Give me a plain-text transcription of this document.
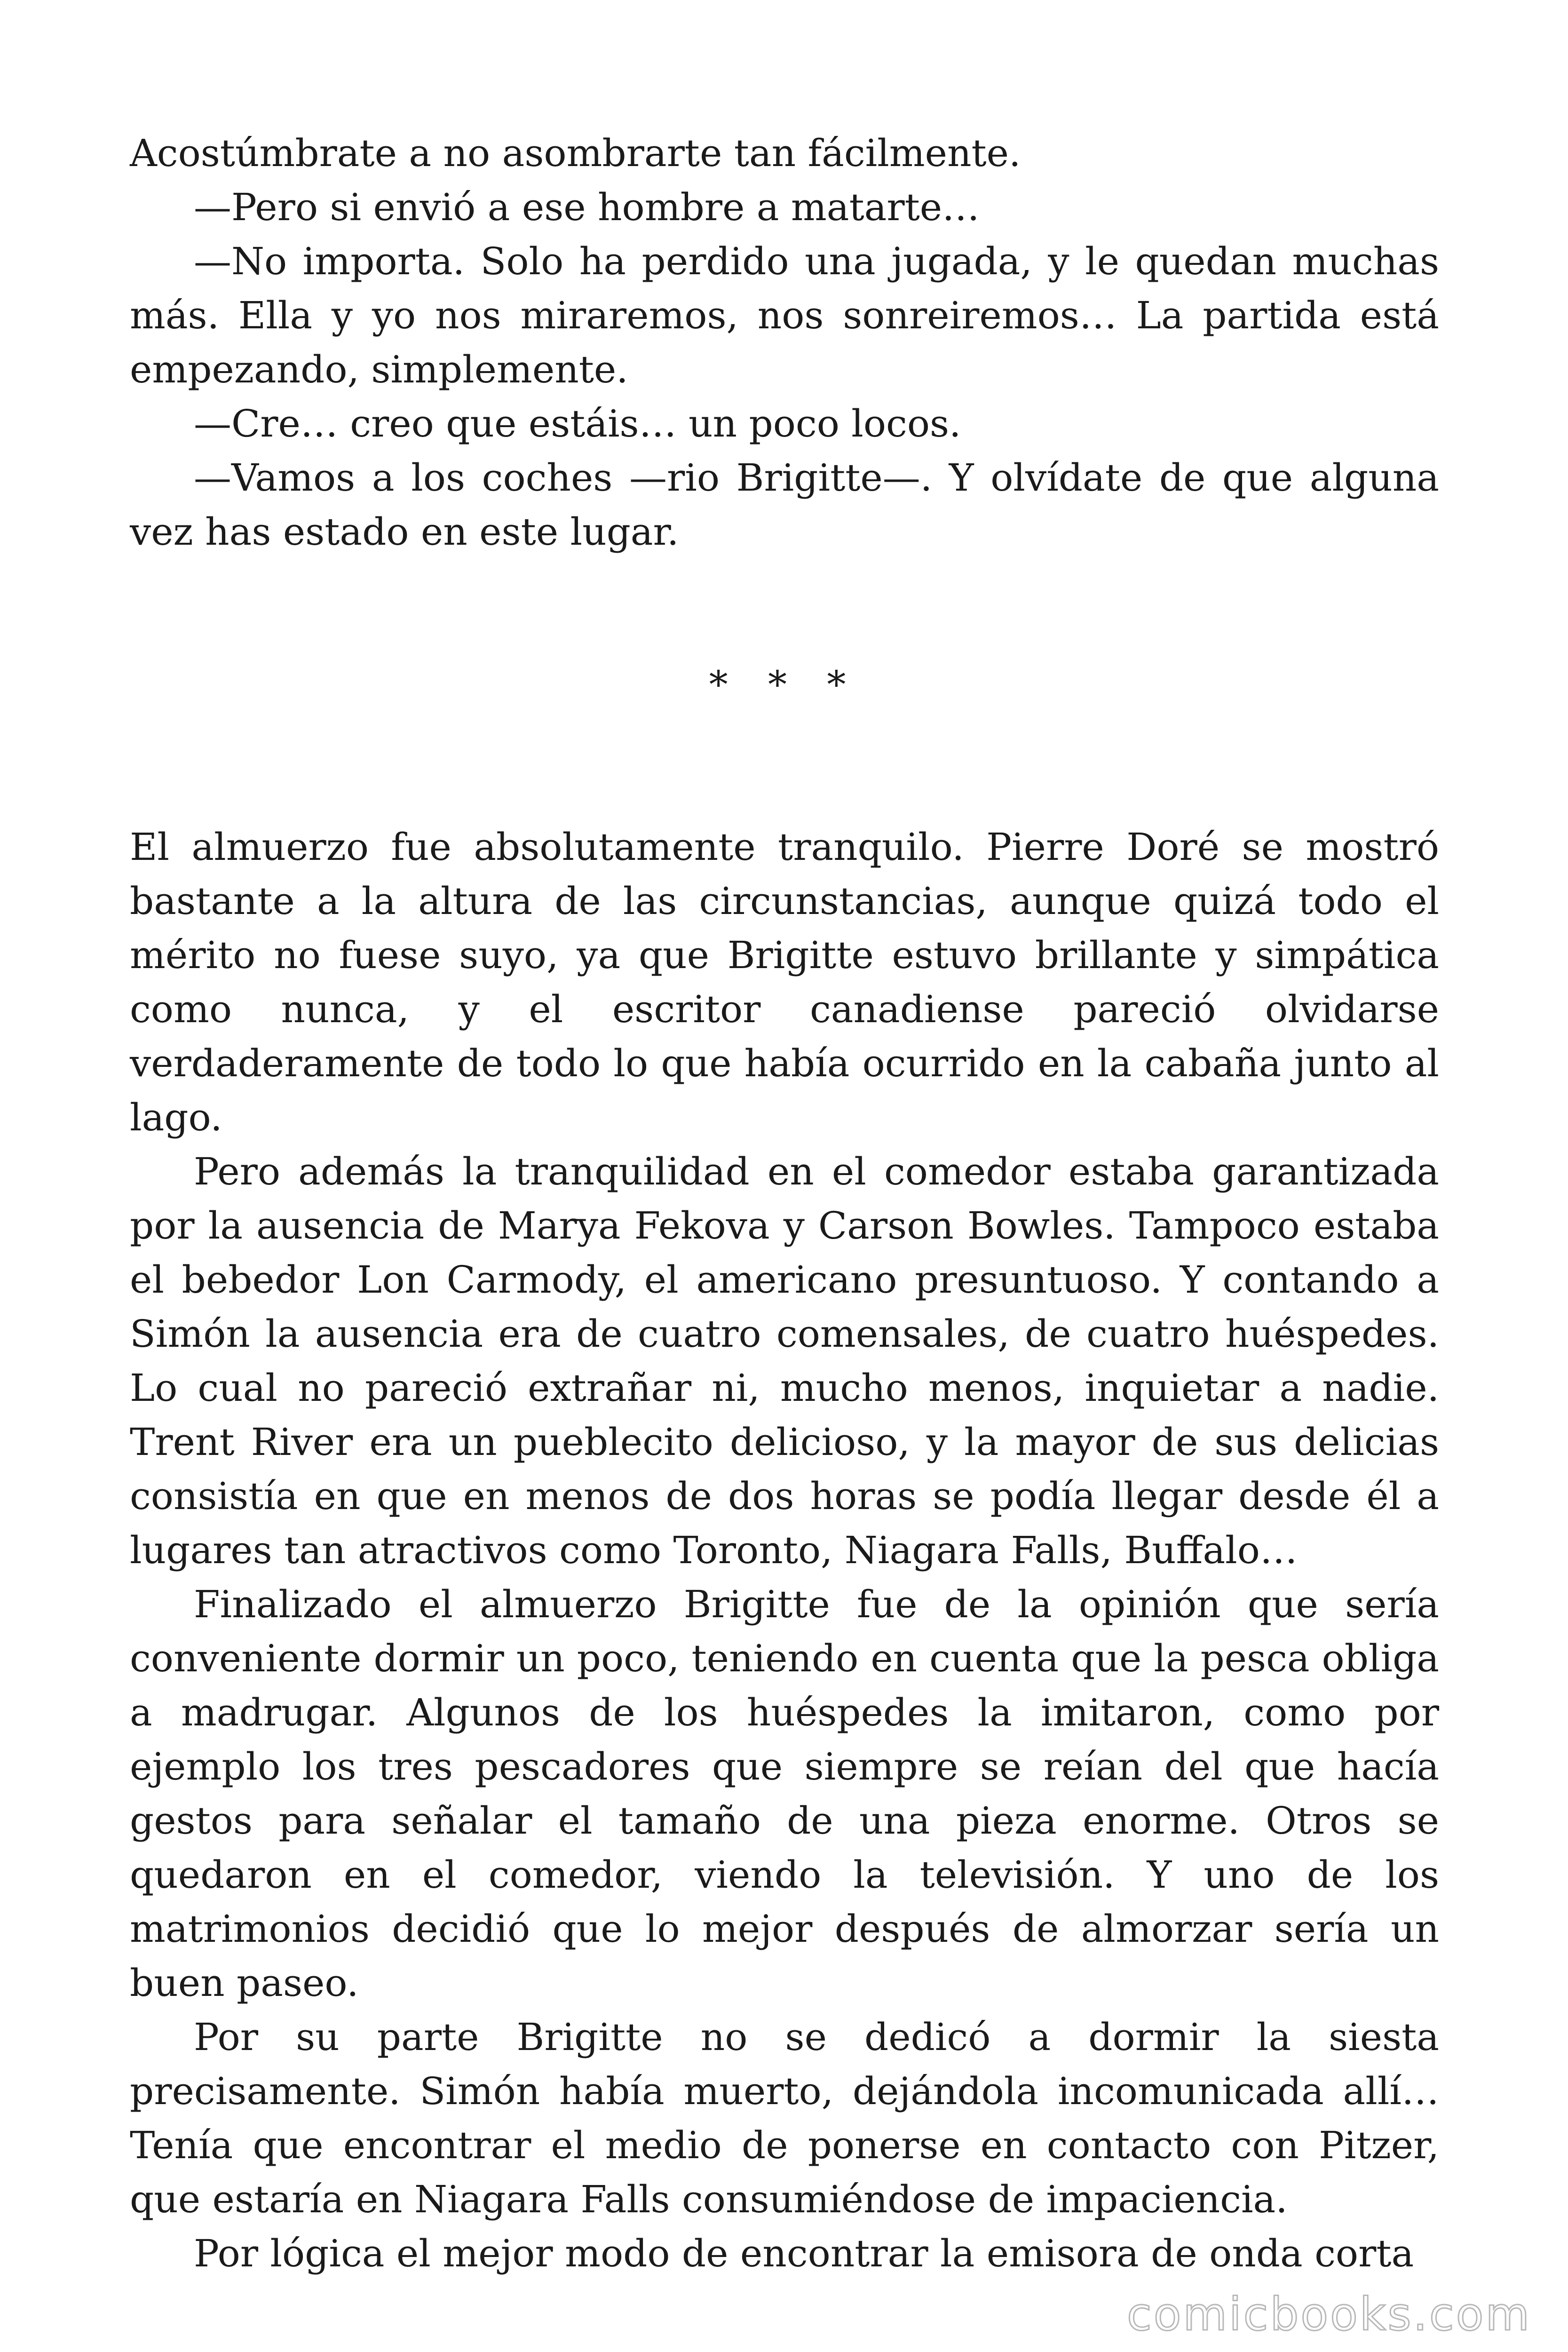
Acostúmbrate a no asombrarte tan fácilmente.

—Pero si envió a ese hombre a matarte…

—No importa. Solo ha perdido una jugada, y le quedan muchas más. Ella y yo nos miraremos, nos sonreiremos… La partida está empezando, simplemente.

—Cre… creo que estáis… un poco locos.

—Vamos a los coches —rio Brigitte—. Y olvídate de que alguna vez has estado en este lugar.

* * *

El almuerzo fue absolutamente tranquilo. Pierre Doré se mostró bastante a la altura de las circunstancias, aunque quizá todo el mérito no fuese suyo, ya que Brigitte estuvo brillante y simpática como nunca, y el escritor canadiense pareció olvidarse verdaderamente de todo lo que había ocurrido en la cabaña junto al lago.

Pero además la tranquilidad en el comedor estaba garantizada por la ausencia de Marya Fekova y Carson Bowles. Tampoco estaba el bebedor Lon Carmody, el americano presuntuoso. Y contando a Simón la ausencia era de cuatro comensales, de cuatro huéspedes. Lo cual no pareció extrañar ni, mucho menos, inquietar a nadie. Trent River era un pueblecito delicioso, y la mayor de sus delicias consistía en que en menos de dos horas se podía llegar desde él a lugares tan atractivos como Toronto, Niagara Falls, Buffalo…

Finalizado el almuerzo Brigitte fue de la opinión que sería conveniente dormir un poco, teniendo en cuenta que la pesca obliga a madrugar. Algunos de los huéspedes la imitaron, como por ejemplo los tres pescadores que siempre se reían del que hacía gestos para señalar el tamaño de una pieza enorme. Otros se quedaron en el comedor, viendo la televisión. Y uno de los matrimonios decidió que lo mejor después de almorzar sería un buen paseo.

Por su parte Brigitte no se dedicó a dormir la siesta precisamente. Simón había muerto, dejándola incomunicada allí… Tenía que encontrar el medio de ponerse en contacto con Pitzer, que estaría en Niagara Falls consumiéndose de impaciencia.

Por lógica el mejor modo de encontrar la emisora de onda corta

comicbooks.com
